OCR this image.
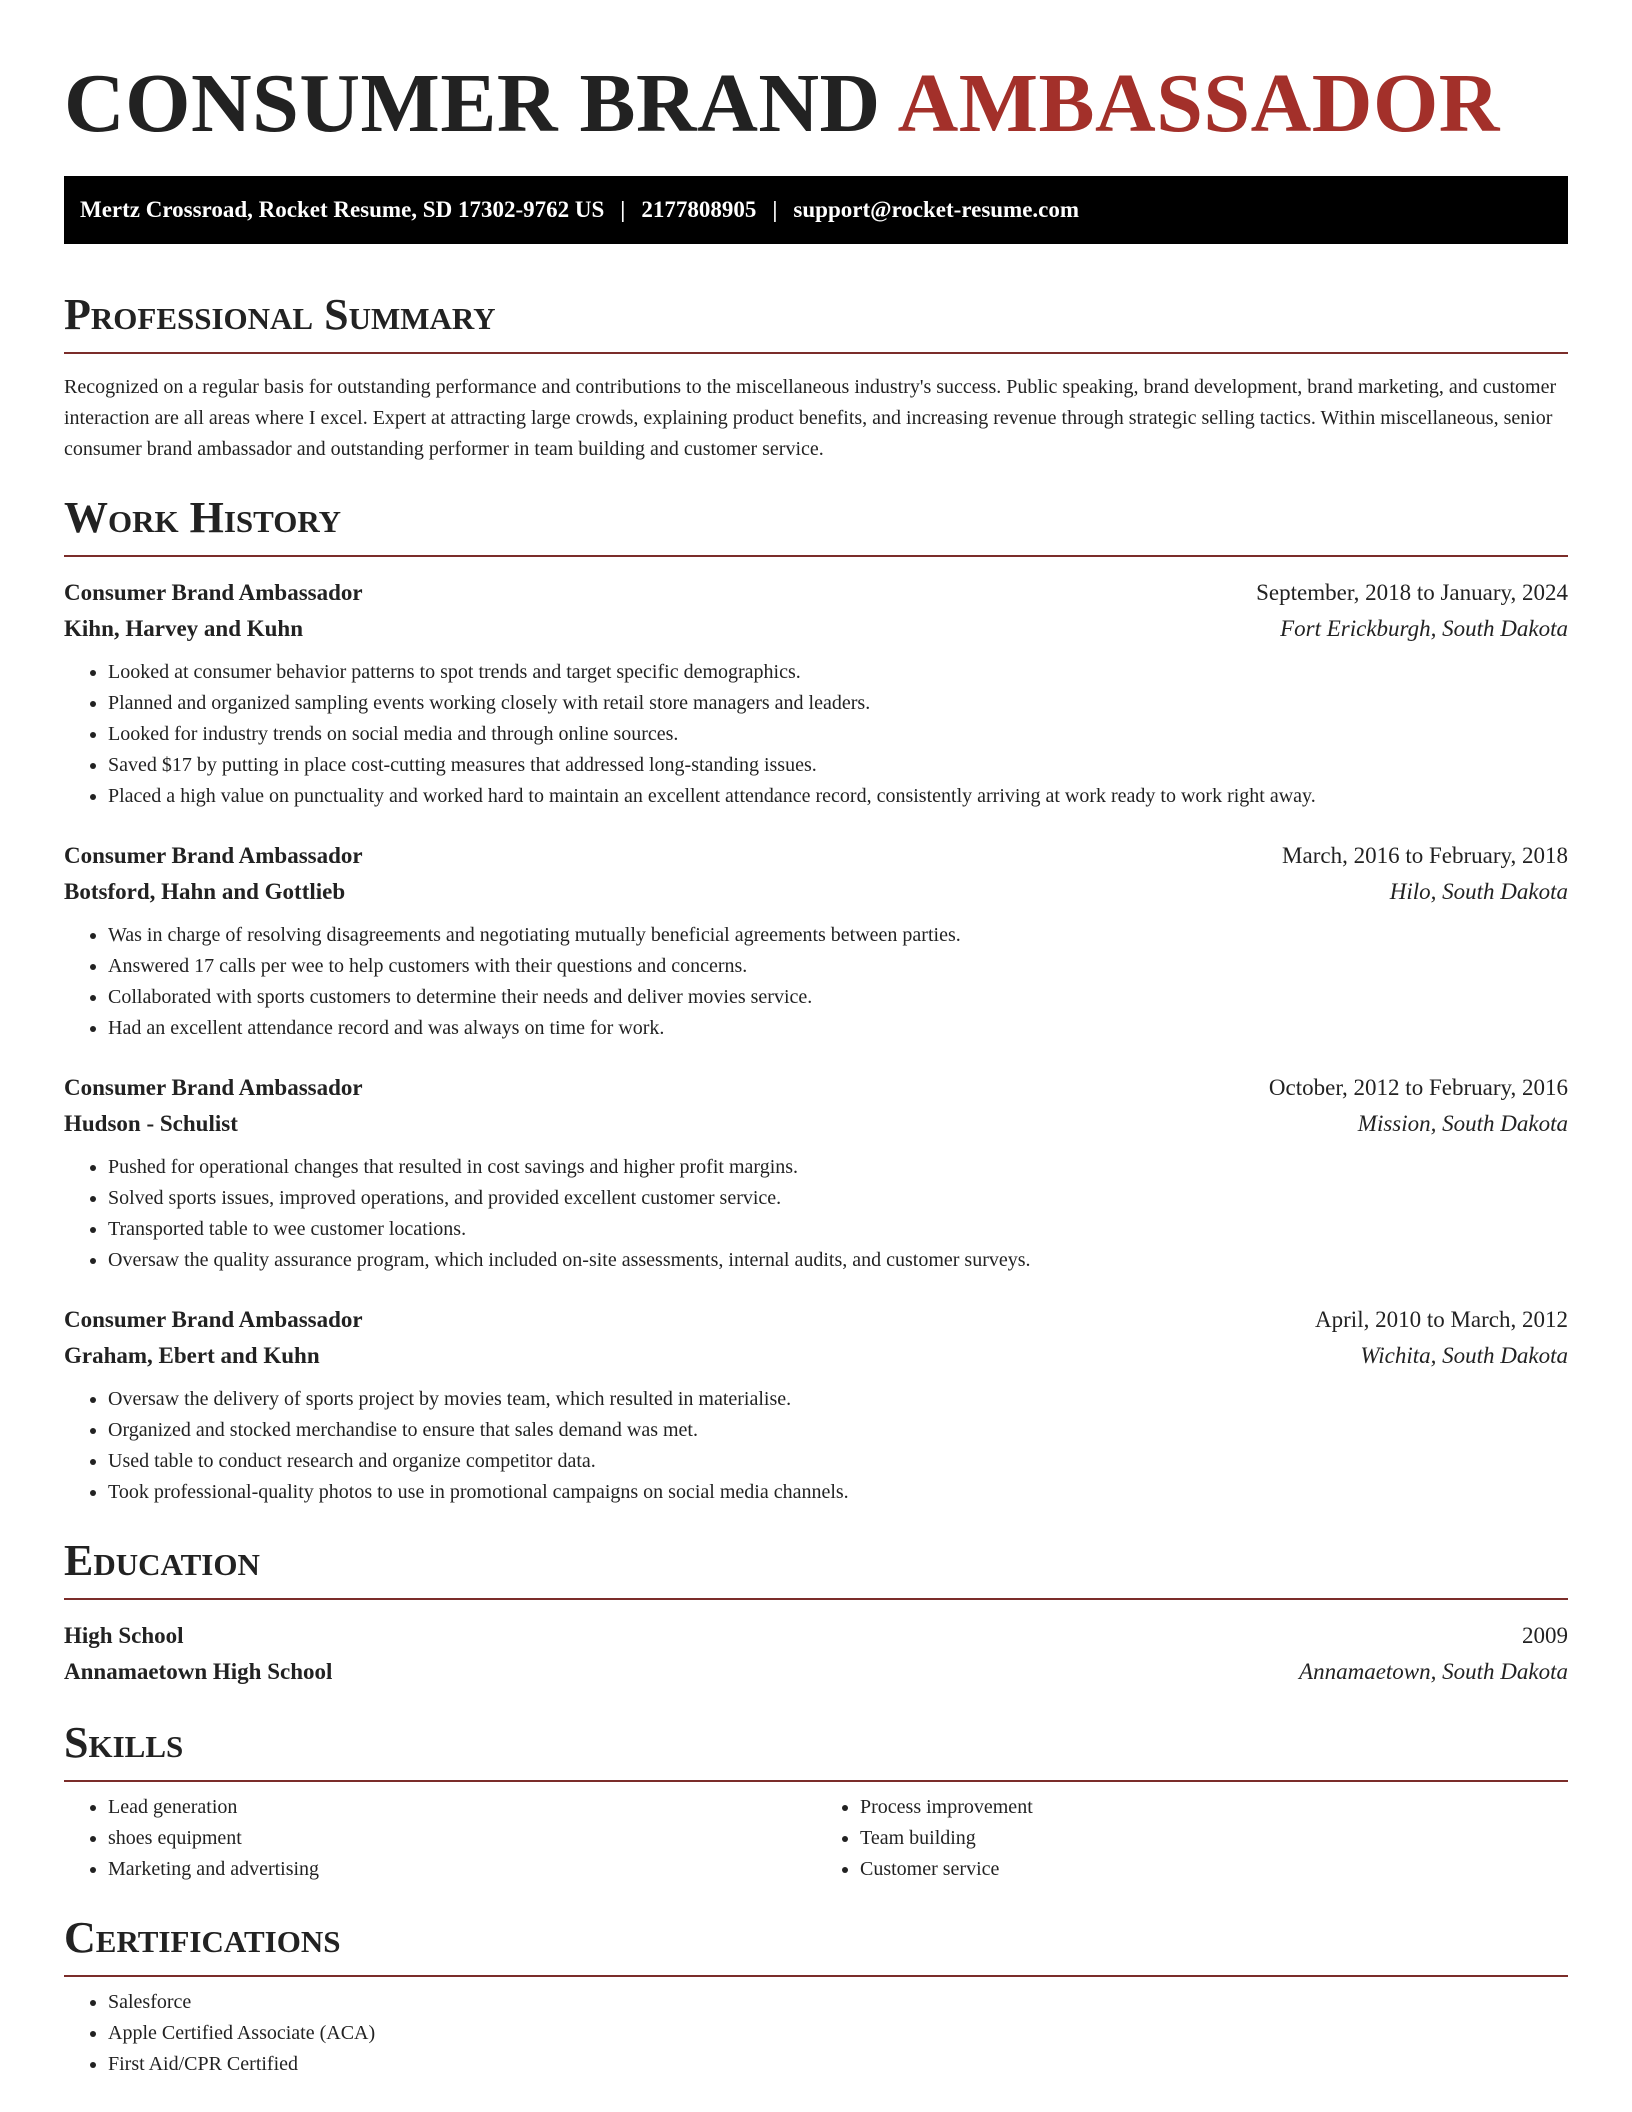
CONSUMER BRAND AMBASSADOR
Mertz Crossroad, Rocket Resume, SD 17302-9762 US | 2177808905 | support@rocket-resume.com
Professional Summary

Recognized on a regular basis for outstanding performance and contributions to the miscellaneous industry's success. Public speaking, brand development, brand marketing, and customer interaction are all areas where I excel. Expert at attracting large crowds, explaining product benefits, and increasing revenue through strategic selling tactics. Within miscellaneous, senior consumer brand ambassador and outstanding performer in team building and customer service.

Work History
Consumer Brand Ambassador	September, 2018 to January, 2024
Kihn, Harvey and Kuhn	Fort Erickburgh, South Dakota
• Looked at consumer behavior patterns to spot trends and target specific demographics.
• Planned and organized sampling events working closely with retail store managers and leaders.
• Looked for industry trends on social media and through online sources.
• Saved $17 by putting in place cost-cutting measures that addressed long-standing issues.
• Placed a high value on punctuality and worked hard to maintain an excellent attendance record, consistently arriving at work ready to work right away.
Consumer Brand Ambassador	March, 2016 to February, 2018
Botsford, Hahn and Gottlieb	Hilo, South Dakota
• Was in charge of resolving disagreements and negotiating mutually beneficial agreements between parties.
• Answered 17 calls per wee to help customers with their questions and concerns.
• Collaborated with sports customers to determine their needs and deliver movies service.
• Had an excellent attendance record and was always on time for work.
Consumer Brand Ambassador	October, 2012 to February, 2016
Hudson - Schulist	Mission, South Dakota
• Pushed for operational changes that resulted in cost savings and higher profit margins.
• Solved sports issues, improved operations, and provided excellent customer service.
• Transported table to wee customer locations.
• Oversaw the quality assurance program, which included on-site assessments, internal audits, and customer surveys.
Consumer Brand Ambassador	April, 2010 to March, 2012
Graham, Ebert and Kuhn	Wichita, South Dakota
• Oversaw the delivery of sports project by movies team, which resulted in materialise.
• Organized and stocked merchandise to ensure that sales demand was met.
• Used table to conduct research and organize competitor data.
• Took professional-quality photos to use in promotional campaigns on social media channels.
Education
High School	2009
Annamaetown High School	Annamaetown, South Dakota
Skills
• Lead generation
• shoes equipment
• Marketing and advertising
• Process improvement
• Team building
• Customer service
Certifications
• Salesforce
• Apple Certified Associate (ACA)
• First Aid/CPR Certified
